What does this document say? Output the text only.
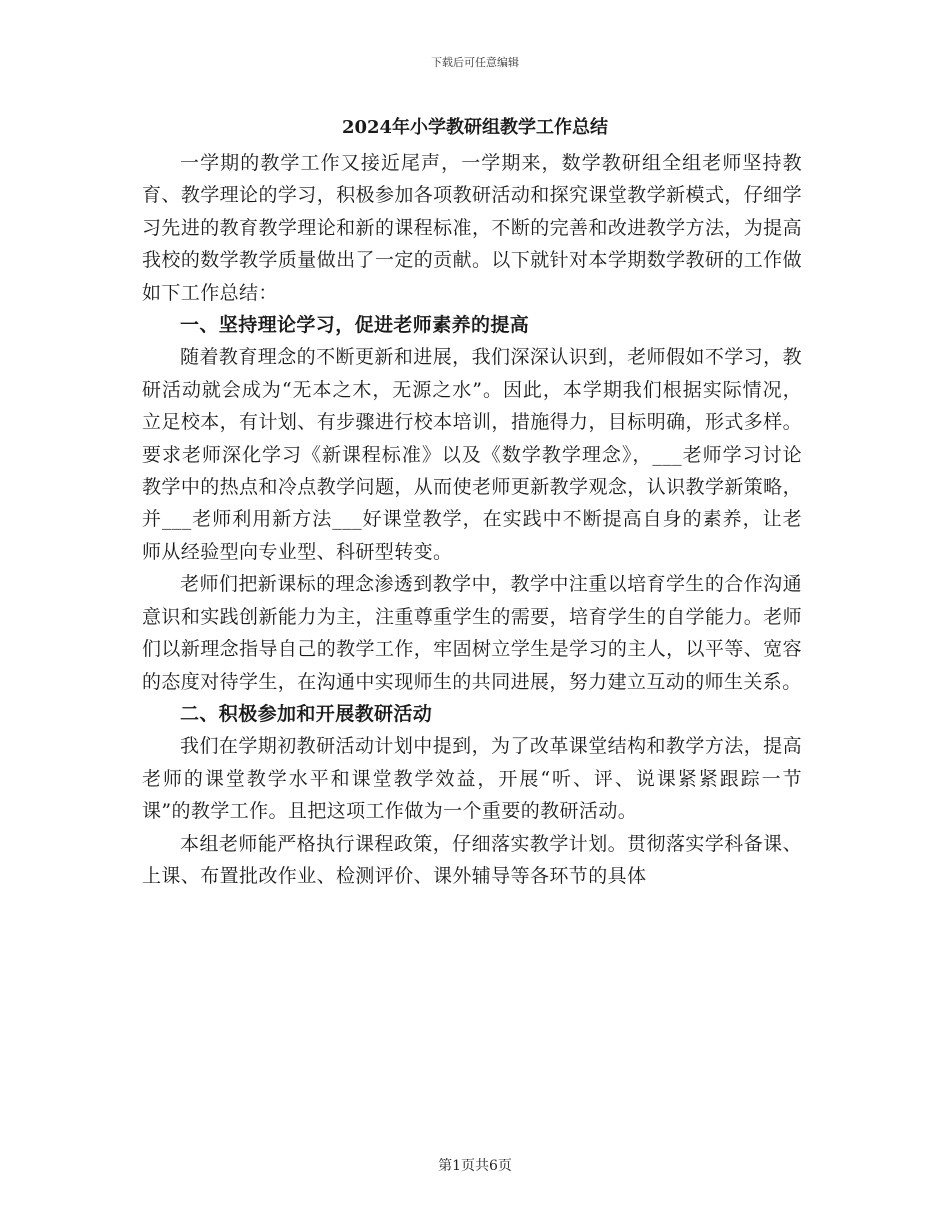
下载后可任意编辑
2024年小学教研组教学工作总结

一学期的教学工作又接近尾声，一学期来，数学教研组全组老师坚持教育、教学理论的学习，积极参加各项教研活动和探究课堂教学新模式，仔细学习先进的教育教学理论和新的课程标准，不断的完善和改进教学方法，为提高我校的数学教学质量做出了一定的贡献。以下就针对本学期数学教研的工作做如下工作总结：

一、坚持理论学习，促进老师素养的提高

随着教育理念的不断更新和进展，我们深深认识到，老师假如不学习，教研活动就会成为“无本之木，无源之水”。因此，本学期我们根据实际情况，立足校本，有计划、有步骤进行校本培训，措施得力，目标明确，形式多样。要求老师深化学习《新课程标准》以及《数学教学理念》，___老师学习讨论教学中的热点和冷点教学问题，从而使老师更新教学观念，认识教学新策略，并___老师利用新方法___好课堂教学，在实践中不断提高自身的素养，让老师从经验型向专业型、科研型转变。

老师们把新课标的理念渗透到教学中，教学中注重以培育学生的合作沟通意识和实践创新能力为主，注重尊重学生的需要，培育学生的自学能力。老师们以新理念指导自己的教学工作，牢固树立学生是学习的主人，以平等、宽容的态度对待学生，在沟通中实现师生的共同进展，努力建立互动的师生关系。

二、积极参加和开展教研活动

我们在学期初教研活动计划中提到，为了改革课堂结构和教学方法，提高老师的课堂教学水平和课堂教学效益，开展“听、评、说课紧紧跟踪一节课”的教学工作。且把这项工作做为一个重要的教研活动。

本组老师能严格执行课程政策，仔细落实教学计划。贯彻落实学科备课、上课、布置批改作业、检测评价、课外辅导等各环节的具体

第1页共6页
